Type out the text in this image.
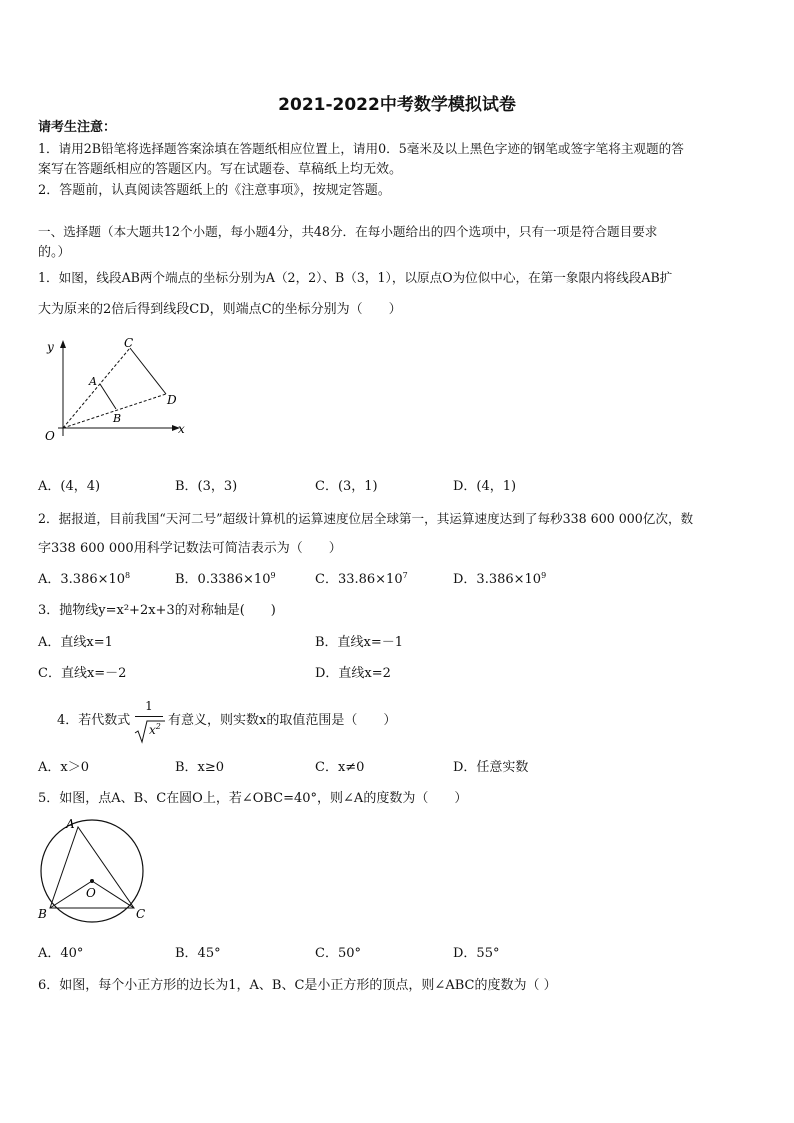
2021-2022中考数学模拟试卷
请考生注意：
1．请用2B铅笔将选择题答案涂填在答题纸相应位置上，请用0．5毫米及以上黑色字迹的钢笔或签字笔将主观题的答
案写在答题纸相应的答题区内。写在试题卷、草稿纸上均无效。
2．答题前，认真阅读答题纸上的《注意事项》，按规定答题。
一、选择题（本大题共12个小题，每小题4分，共48分．在每小题给出的四个选项中，只有一项是符合题目要求
的。）
1．如图，线段AB两个端点的坐标分别为A（2，2）、B（3，1），以原点O为位似中心，在第一象限内将线段AB扩
大为原来的2倍后得到线段CD，则端点C的坐标分别为（　　）
y
x
O
A
B
C
D
A．(4，4)	B．(3，3)	C．(3，1)	D．(4，1)
2．据报道，目前我国“天河二号”超级计算机的运算速度位居全球第一，其运算速度达到了每秒338 600 000亿次，数
字338 600 000用科学记数法可简洁表示为（　　）
A．$3.386\times 10^8$	B．$0.3386\times 10^9$	C．$33.86\times 10^7$	D．$3.386\times 10^9$
3．抛物线y=x²+2x+3的对称轴是(　　)
A．直线x=1	B．直线x=－1
C．直线x=－2	D．直线x=2
4．若代数式
1
$x^2$ 有意义，则实数x的取值范围是（　　）
A．x＞0	B．x≥0	C．x≠0	D．任意实数
5．如图，点A、B、C在圆O上，若∠OBC=40°，则∠A的度数为（　　）
A
B	C
O
A．40°	B．45°	C．50°	D．55°
6．如图，每个小正方形的边长为1，A、B、C是小正方形的顶点，则∠ABC的度数为（ ）
